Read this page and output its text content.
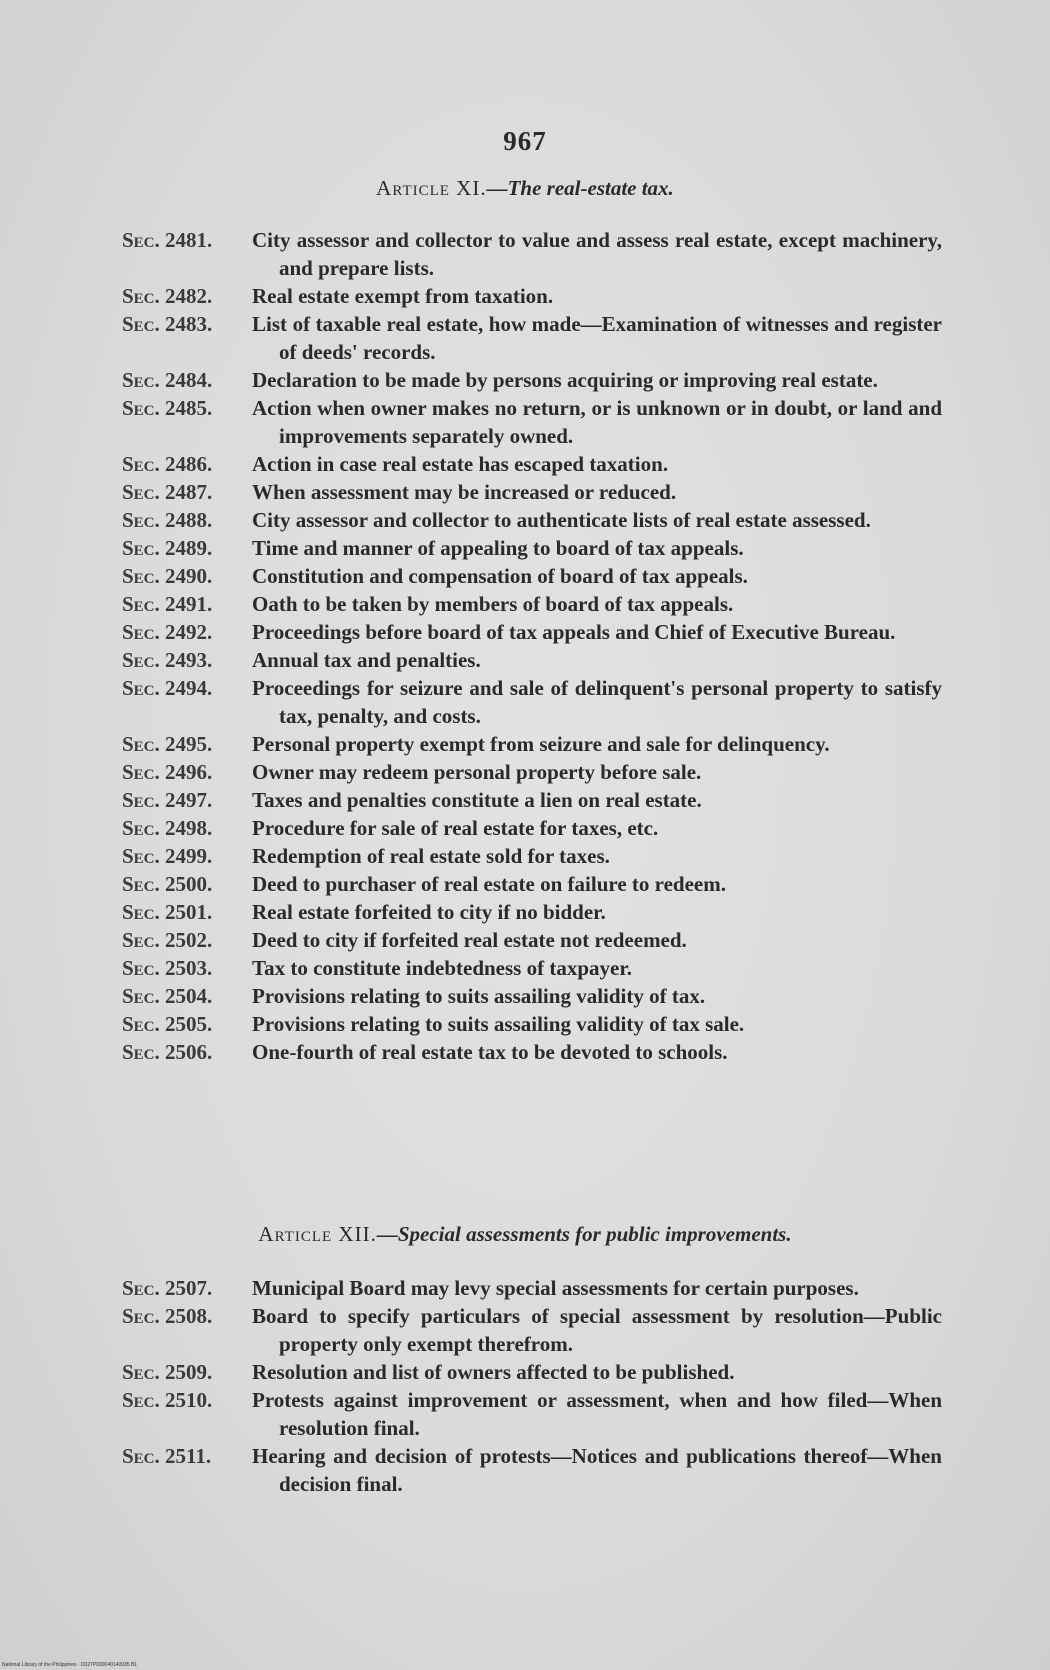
967
Article XI.—The real-estate tax.
Sec. 2481.	City assessor and collector to value and assess real estate, except machinery, and prepare lists.
Sec. 2482.	Real estate exempt from taxation.
Sec. 2483.	List of taxable real estate, how made—Examination of witnesses and register of deeds' records.
Sec. 2484.	Declaration to be made by persons acquiring or improving real estate.
Sec. 2485.	Action when owner makes no return, or is unknown or in doubt, or land and improvements separately owned.
Sec. 2486.	Action in case real estate has escaped taxation.
Sec. 2487.	When assessment may be increased or reduced.
Sec. 2488.	City assessor and collector to authenticate lists of real estate assessed.
Sec. 2489.	Time and manner of appealing to board of tax appeals.
Sec. 2490.	Constitution and compensation of board of tax appeals.
Sec. 2491.	Oath to be taken by members of board of tax appeals.
Sec. 2492.	Proceedings before board of tax appeals and Chief of Executive Bureau.
Sec. 2493.	Annual tax and penalties.
Sec. 2494.	Proceedings for seizure and sale of delinquent's personal property to satisfy tax, penalty, and costs.
Sec. 2495.	Personal property exempt from seizure and sale for delinquency.
Sec. 2496.	Owner may redeem personal property before sale.
Sec. 2497.	Taxes and penalties constitute a lien on real estate.
Sec. 2498.	Procedure for sale of real estate for taxes, etc.
Sec. 2499.	Redemption of real estate sold for taxes.
Sec. 2500.	Deed to purchaser of real estate on failure to redeem.
Sec. 2501.	Real estate forfeited to city if no bidder.
Sec. 2502.	Deed to city if forfeited real estate not redeemed.
Sec. 2503.	Tax to constitute indebtedness of taxpayer.
Sec. 2504.	Provisions relating to suits assailing validity of tax.
Sec. 2505.	Provisions relating to suits assailing validity of tax sale.
Sec. 2506.	One-fourth of real estate tax to be devoted to schools.
Article XII.—Special assessments for public improvements.
Sec. 2507.	Municipal Board may levy special assessments for certain purposes.
Sec. 2508.	Board to specify particulars of special assessment by resolution—Public property only exempt therefrom.
Sec. 2509.	Resolution and list of owners affected to be published.
Sec. 2510.	Protests against improvement or assessment, when and how filed—When resolution final.
Sec. 2511.	Hearing and decision of protests—Notices and publications thereof—When decision final.
National Library of the Philippines · D027P000040140935 B1
